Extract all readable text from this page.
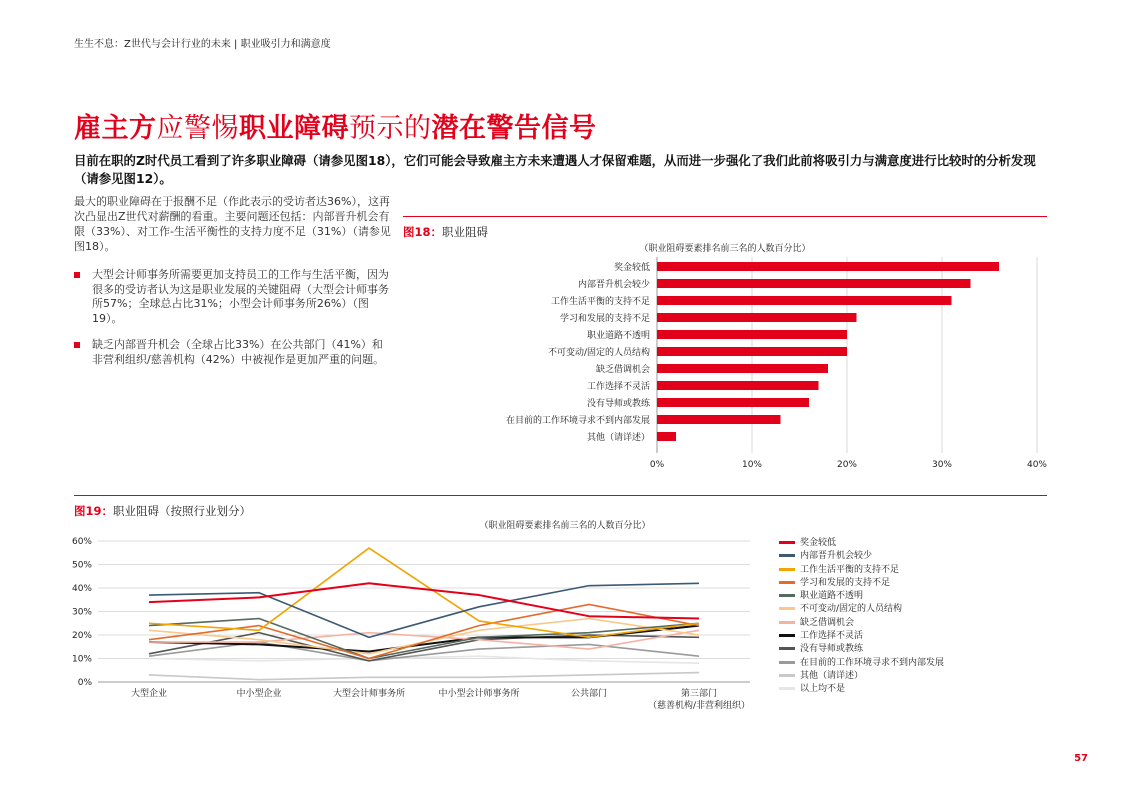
生生不息：Z世代与会计行业的未来 | 职业吸引力和满意度
雇主方应警惕职业障碍预示的潜在警告信号
目前在职的Z时代员工看到了许多职业障碍（请参见图18），它们可能会导致雇主方未来遭遇人才保留难题，从而进一步强化了我们此前将吸引力与满意度进行比较时的分析发现（请参见图12）。
最大的职业障碍在于报酬不足（作此表示的受访者达36%），这再次凸显出Z世代对薪酬的看重。主要问题还包括：内部晋升机会有限（33%）、对工作-生活平衡性的支持力度不足（31%）（请参见图18）。
大型会计师事务所需要更加支持员工的工作与生活平衡，因为很多的受访者认为这是职业发展的关键阻碍（大型会计师事务所57%；全球总占比31%；小型会计师事务所26%）（图19）。
缺乏内部晋升机会（全球占比33%）在公共部门（41%）和非营利组织/慈善机构（42%）中被视作是更加严重的问题。
图18：职业阻碍
（职业阻碍要素排名前三名的人数百分比）
奖金较低
内部晋升机会较少
工作生活平衡的支持不足
学习和发展的支持不足
职业道路不透明
不可变动/固定的人员结构
缺乏借调机会
工作选择不灵活
没有导师或教练
在目前的工作环境寻求不到内部发展
其他（请详述）
0%	10%	20%	30%	40%
图19：职业阻碍（按照行业划分）
（职业阻碍要素排名前三名的人数百分比）
0%
10%
20%
30%
40%
50%
60%
大型企业	中小型企业	大型会计师事务所	中小型会计师事务所	公共部门	第三部门
（慈善机构/非营利组织）
奖金较低
内部晋升机会较少
工作生活平衡的支持不足
学习和发展的支持不足
职业道路不透明
不可变动/固定的人员结构
缺乏借调机会
工作选择不灵活
没有导师或教练
在目前的工作环境寻求不到内部发展
其他（请详述）
以上均不是
57
